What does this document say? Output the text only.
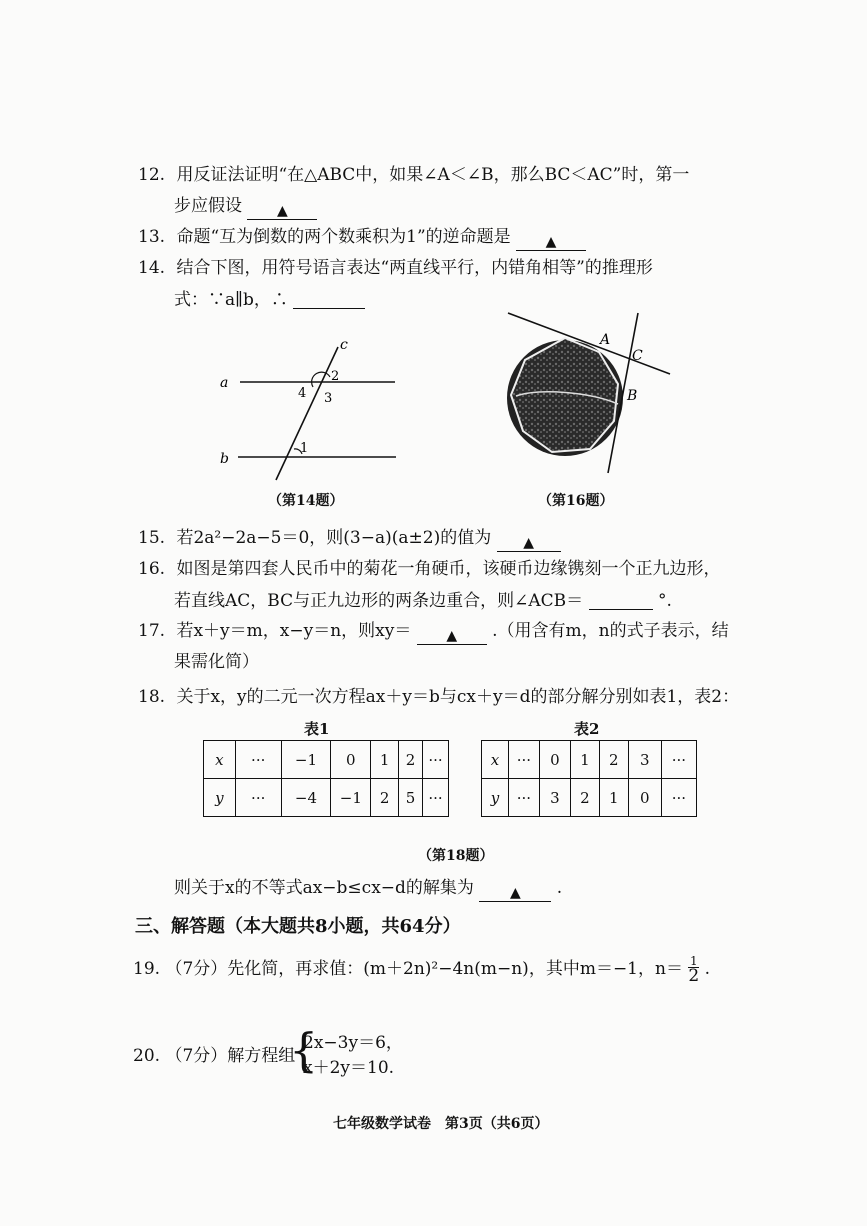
12. 用反证法证明“在△ABC中，如果∠A＜∠B，那么BC＜AC”时，第一
步应假设	▲
13. 命题“互为倒数的两个数乘积为1”的逆命题是	▲
14. 结合下图，用符号语言表达“两直线平行，内错角相等”的推理形
式：∵a∥b，∴
a
b
c
2
4 3
1
（第14题）
A
C
B
（第16题）
15. 若2a²−2a−5＝0，则(3−a)(a±2)的值为 ▲
16. 如图是第四套人民币中的菊花一角硬币，该硬币边缘镌刻一个正九边形，
若直线AC，BC与正九边形的两条边重合，则∠ACB＝	°.
17. 若x＋y＝m，x−y＝n，则xy＝	▲ .（用含有m，n的式子表示，结
果需化简）
18. 关于x，y的二元一次方程ax＋y＝b与cx＋y＝d的部分解分别如表1，表2：
表1	表2
x	···	−1	0	1	2	···
y	···	−4	−1	2	5	···
x	···	0	1	2	3	···
y	···	3	2	1	0	···
（第18题）
则关于x的不等式ax−b≤cx−d的解集为	▲ .
三、解答题（本大题共8小题，共64分）
19. （7分）先化简，再求值：(m＋2n)²−4n(m−n)，其中m＝−1，$n= \frac{1}{2}$ .
20. （7分）解方程组
{
2x−3y＝6，
x＋2y＝10.
七年级数学试卷　第3页（共6页）
